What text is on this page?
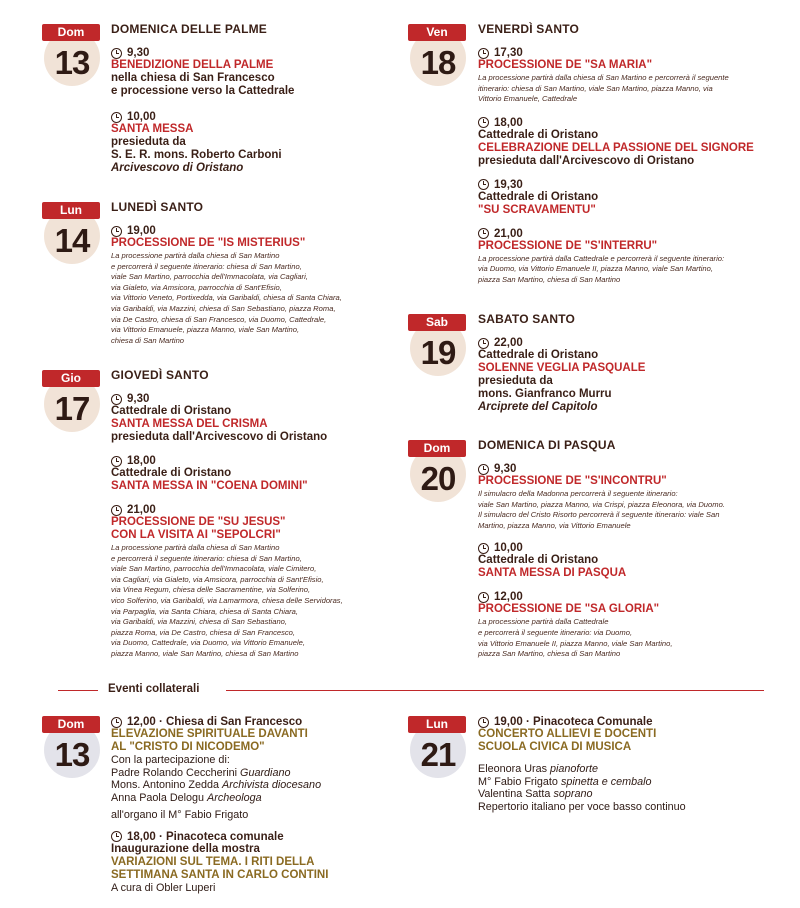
Dom
13
DOMENICA DELLE PALME
9,30
BENEDIZIONE DELLA PALME
nella chiesa di San Francesco
e processione verso la Cattedrale
10,00
SANTA MESSA
presieduta da
S. E. R. mons. Roberto Carboni
Arcivescovo di Oristano
Lun
14
LUNEDÌ SANTO
19,00
PROCESSIONE DE "IS MISTERIUS"
La processione partirà dalla chiesa di San Martino
e percorrerà il seguente itinerario: chiesa di San Martino,
viale San Martino, parrocchia dell'Immacolata, via Cagliari,
via Gialeto, via Amsicora, parrocchia di Sant'Efisio,
via Vittorio Veneto, Portixedda, via Garibaldi, chiesa di Santa Chiara,
via Garibaldi, via Mazzini, chiesa di San Sebastiano, piazza Roma,
via De Castro, chiesa di San Francesco, via Duomo, Cattedrale,
via Vittorio Emanuele, piazza Manno, viale San Martino,
chiesa di San Martino
Gio
17
GIOVEDÌ SANTO
9,30
Cattedrale di Oristano
SANTA MESSA DEL CRISMA
presieduta dall'Arcivescovo di Oristano
18,00
Cattedrale di Oristano
SANTA MESSA IN "COENA DOMINI"
21,00
PROCESSIONE DE "SU JESUS"
CON LA VISITA AI "SEPOLCRI"
La processione partirà dalla chiesa di San Martino
e percorrerà il seguente itinerario: chiesa di San Martino,
viale San Martino, parrocchia dell'Immacolata, viale Cimitero,
via Cagliari, via Gialeto, via Amsicora, parrocchia di Sant'Efisio,
via Vinea Regum, chiesa delle Sacramentine, via Solferino,
vico Solferino, via Garibaldi, via Lamarmora, chiesa delle Servidoras,
via Parpaglia, via Santa Chiara, chiesa di Santa Chiara,
via Garibaldi, via Mazzini, chiesa di San Sebastiano,
piazza Roma, via De Castro, chiesa di San Francesco,
via Duomo, Cattedrale, via Duomo, via Vittorio Emanuele,
piazza Manno, viale San Martino, chiesa di San Martino
Ven
18
VENERDÌ SANTO
17,30
PROCESSIONE DE "SA MARIA"
La processione partirà dalla chiesa di San Martino e percorrerà il seguente
itinerario: chiesa di San Martino, viale San Martino, piazza Manno, via
Vittorio Emanuele, Cattedrale
18,00
Cattedrale di Oristano
CELEBRAZIONE DELLA PASSIONE DEL SIGNORE
presieduta dall'Arcivescovo di Oristano
19,30
Cattedrale di Oristano
"SU SCRAVAMENTU"
21,00
PROCESSIONE DE "S'INTERRU"
La processione partirà dalla Cattedrale e percorrerà il seguente itinerario:
via Duomo, via Vittorio Emanuele II, piazza Manno, viale San Martino,
piazza San Martino, chiesa di San Martino
Sab
19
SABATO SANTO
22,00
Cattedrale di Oristano
SOLENNE VEGLIA PASQUALE
presieduta da
mons. Gianfranco Murru
Arciprete del Capitolo
Dom
20
DOMENICA DI PASQUA
9,30
PROCESSIONE DE "S'INCONTRU"
Il simulacro della Madonna percorrerà il seguente itinerario:
viale San Martino, piazza Manno, via Crispi, piazza Eleonora, via Duomo.
Il simulacro del Cristo Risorto percorrerà il seguente itinerario: viale San
Martino, piazza Manno, via Vittorio Emanuele
10,00
Cattedrale di Oristano
SANTA MESSA DI PASQUA
12,00
PROCESSIONE DE "SA GLORIA"
La processione partirà dalla Cattedrale
e percorrerà il seguente itinerario: via Duomo,
via Vittorio Emanuele II, piazza Manno, viale San Martino,
piazza San Martino, chiesa di San Martino
Eventi collaterali
Dom
13
12,00 · Chiesa di San Francesco
ELEVAZIONE SPIRITUALE DAVANTI
AL "CRISTO DI NICODEMO"
Con la partecipazione di:
Padre Rolando Ceccherini Guardiano
Mons. Antonino Zedda Archivista diocesano
Anna Paola Delogu Archeologa
all'organo il M° Fabio Frigato
18,00 · Pinacoteca comunale
Inaugurazione della mostra
VARIAZIONI SUL TEMA. I RITI DELLA
SETTIMANA SANTA IN CARLO CONTINI
A cura di Obler Luperi
Lun
21
19,00 · Pinacoteca Comunale
CONCERTO ALLIEVI E DOCENTI
SCUOLA CIVICA DI MUSICA
Eleonora Uras pianoforte
M° Fabio Frigato spinetta e cembalo
Valentina Satta soprano
Repertorio italiano per voce basso continuo
